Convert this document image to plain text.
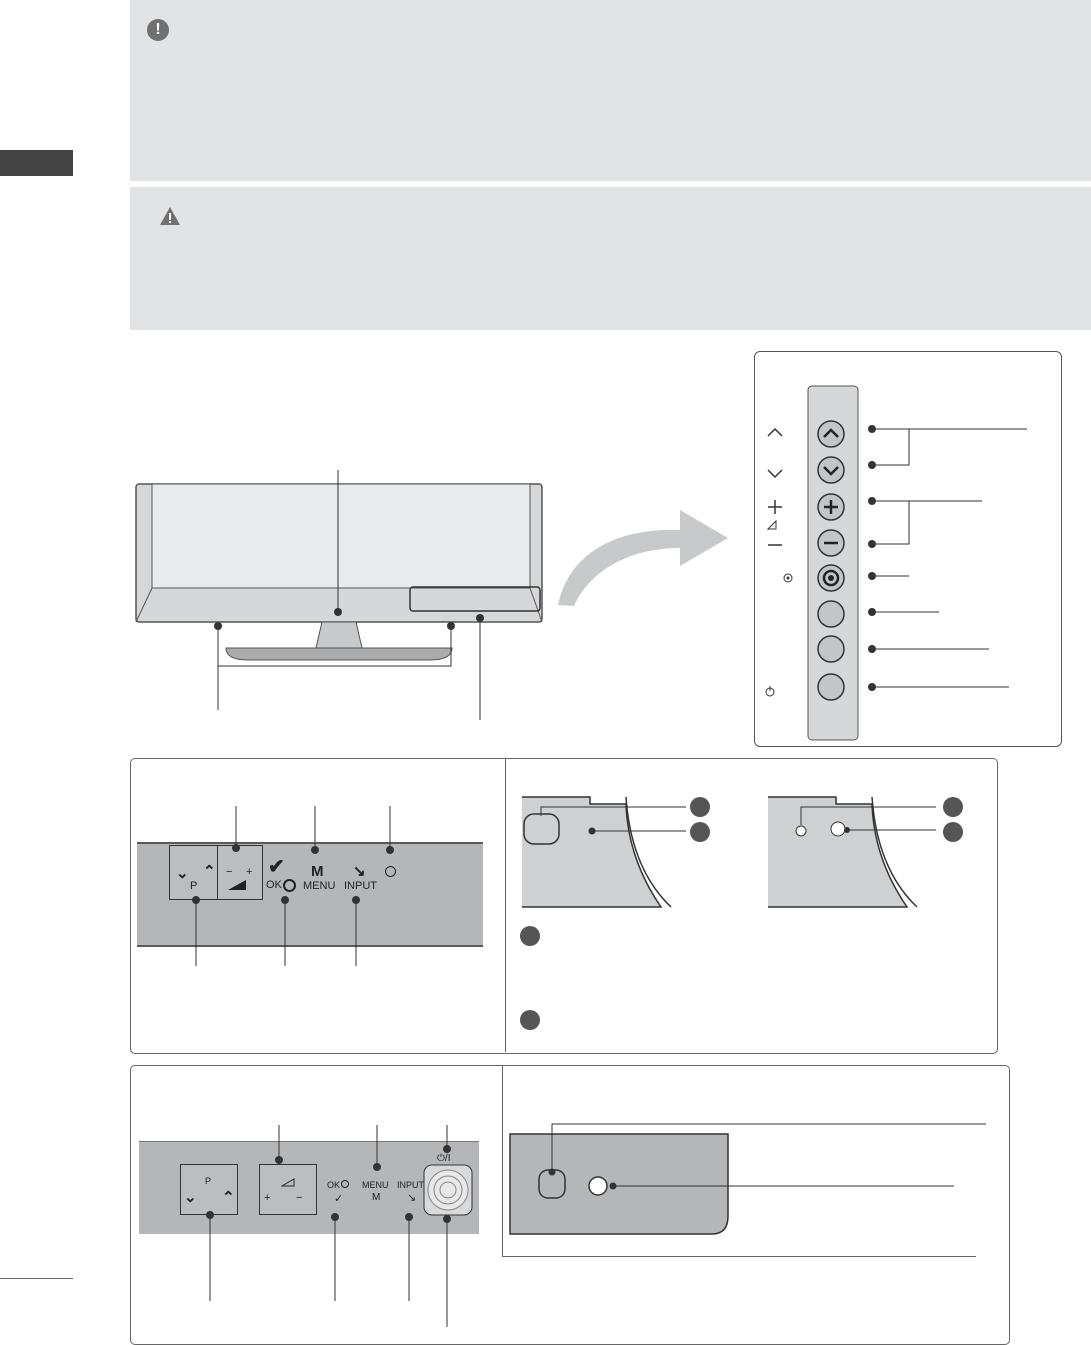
!
⌄ ⌃
P
− + ✔
OK
M
MENU
↘
INPUT
P
⌄ ⌃	+ −
OK
✓
MENU
M
INPUT
↘
⏻/I
